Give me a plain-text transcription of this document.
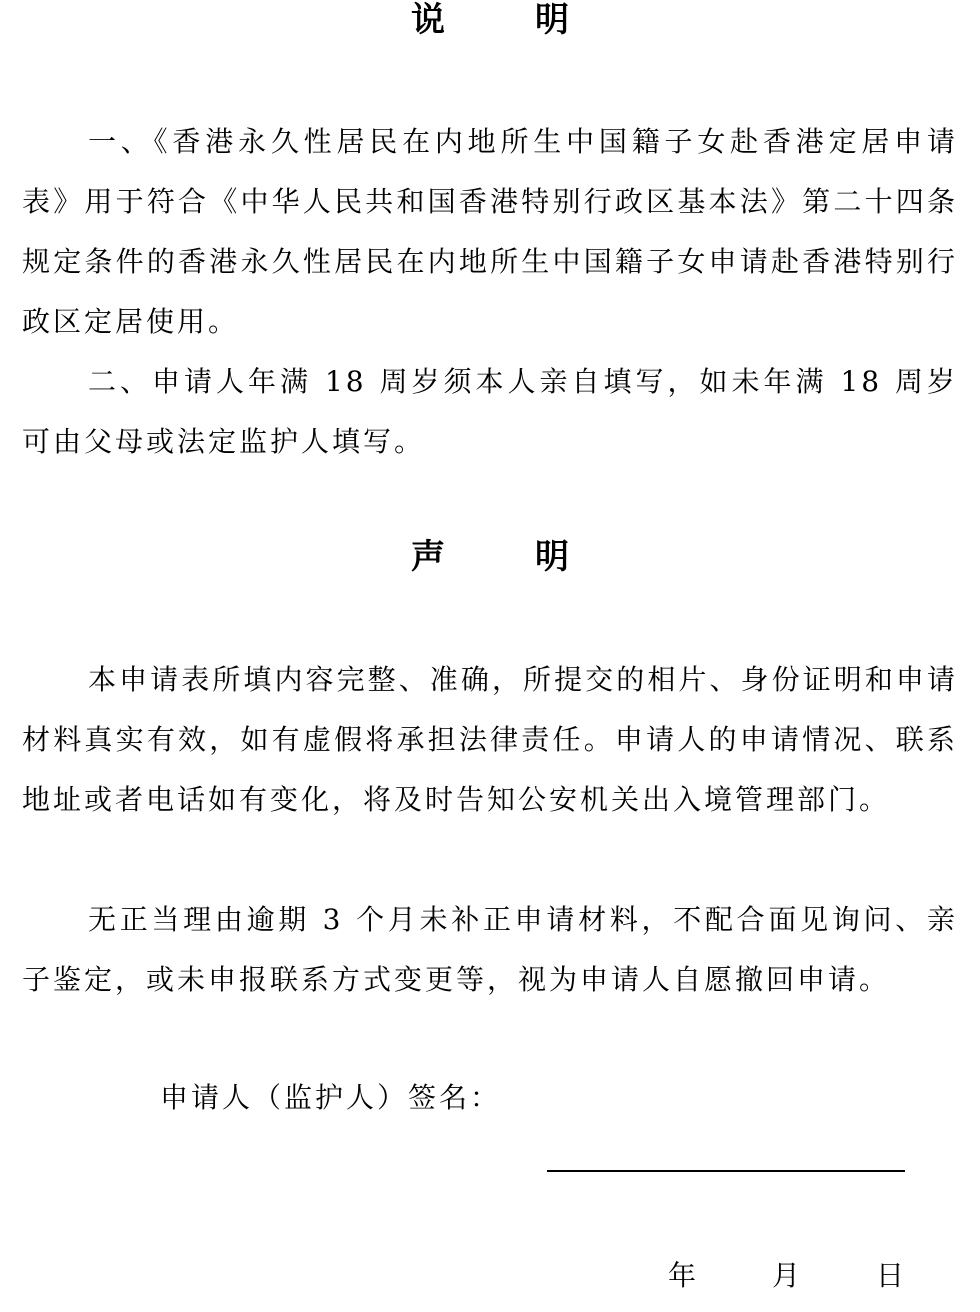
说	明

一、《香港永久性居民在内地所生中国籍子女赴香港定居申请表》用于符合《中华人民共和国香港特别行政区基本法》第二十四条规定条件的香港永久性居民在内地所生中国籍子女申请赴香港特别行政区定居使用。

二、申请人年满 18 周岁须本人亲自填写，如未年满 18 周岁可由父母或法定监护人填写。

声	明

本申请表所填内容完整、准确，所提交的相片、身份证明和申请材料真实有效，如有虚假将承担法律责任。申请人的申请情况、联系地址或者电话如有变化，将及时告知公安机关出入境管理部门。

无正当理由逾期 3 个月未补正申请材料，不配合面见询问、亲子鉴定，或未申报联系方式变更等，视为申请人自愿撤回申请。

申请人（监护人）签名：
年	月	日
